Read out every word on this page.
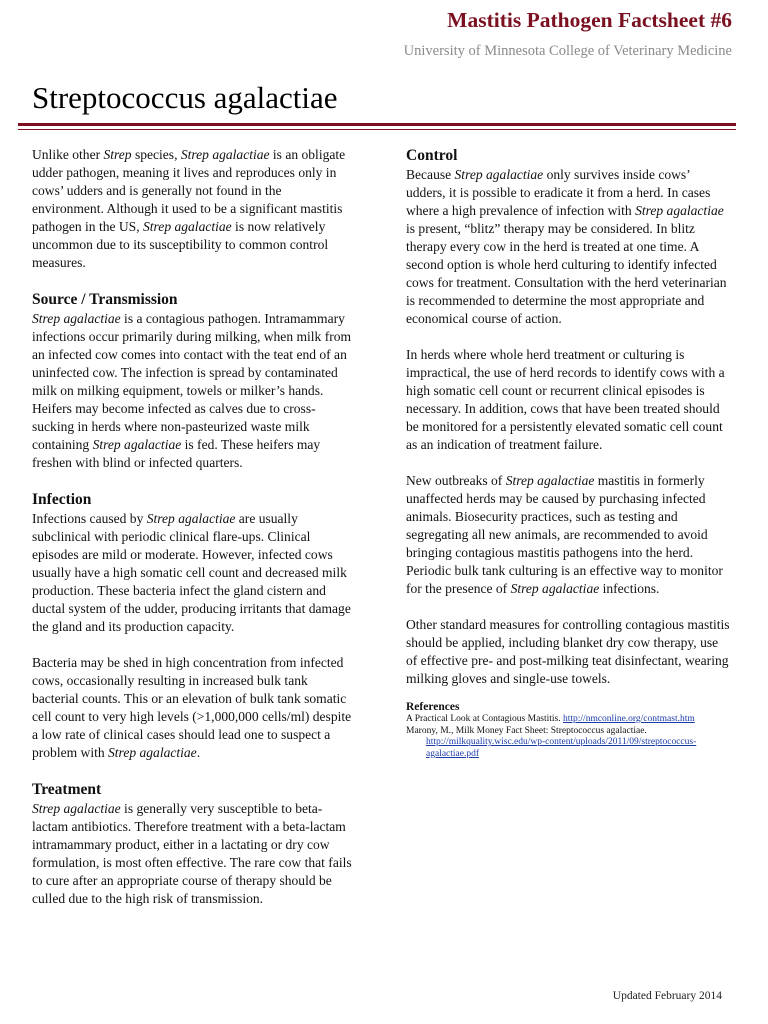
Mastitis Pathogen Factsheet #6
University of Minnesota College of Veterinary Medicine
Streptococcus agalactiae

Unlike other Strep species, Strep agalactiae is an obligate udder pathogen, meaning it lives and reproduces only in cows’ udders and is generally not found in the environment. Although it used to be a significant mastitis pathogen in the US, Strep agalactiae is now relatively uncommon due to its susceptibility to common control measures.

Source / Transmission

Strep agalactiae is a contagious pathogen. Intramammary infections occur primarily during milking, when milk from an infected cow comes into contact with the teat end of an uninfected cow. The infection is spread by contaminated milk on milking equipment, towels or milker’s hands. Heifers may become infected as calves due to cross-sucking in herds where non-pasteurized waste milk containing Strep agalactiae is fed. These heifers may freshen with blind or infected quarters.

Infection

Infections caused by Strep agalactiae are usually subclinical with periodic clinical flare-ups. Clinical episodes are mild or moderate. However, infected cows usually have a high somatic cell count and decreased milk production. These bacteria infect the gland cistern and ductal system of the udder, producing irritants that damage the gland and its production capacity.

Bacteria may be shed in high concentration from infected cows, occasionally resulting in increased bulk tank bacterial counts. This or an elevation of bulk tank somatic cell count to very high levels (>1,000,000 cells/ml) despite a low rate of clinical cases should lead one to suspect a problem with Strep agalactiae.

Treatment

Strep agalactiae is generally very susceptible to beta-lactam antibiotics. Therefore treatment with a beta-lactam intramammary product, either in a lactating or dry cow formulation, is most often effective. The rare cow that fails to cure after an appropriate course of therapy should be culled due to the high risk of transmission.

Control

Because Strep agalactiae only survives inside cows’ udders, it is possible to eradicate it from a herd. In cases where a high prevalence of infection with Strep agalactiae is present, “blitz” therapy may be considered. In blitz therapy every cow in the herd is treated at one time. A second option is whole herd culturing to identify infected cows for treatment. Consultation with the herd veterinarian is recommended to determine the most appropriate and economical course of action.

In herds where whole herd treatment or culturing is impractical, the use of herd records to identify cows with a high somatic cell count or recurrent clinical episodes is necessary. In addition, cows that have been treated should be monitored for a persistently elevated somatic cell count as an indication of treatment failure.

New outbreaks of Strep agalactiae mastitis in formerly unaffected herds may be caused by purchasing infected animals. Biosecurity practices, such as testing and segregating all new animals, are recommended to avoid bringing contagious mastitis pathogens into the herd. Periodic bulk tank culturing is an effective way to monitor for the presence of Strep agalactiae infections.

Other standard measures for controlling contagious mastitis should be applied, including blanket dry cow therapy, use of effective pre- and post-milking teat disinfectant, wearing milking gloves and single-use towels.

References

A Practical Look at Contagious Mastitis. http://nmconline.org/contmast.htm

Marony, M., Milk Money Fact Sheet: Streptococcus agalactiae.

http://milkquality.wisc.edu/wp-content/uploads/2011/09/streptococcus-agalactiae.pdf

Updated February 2014
